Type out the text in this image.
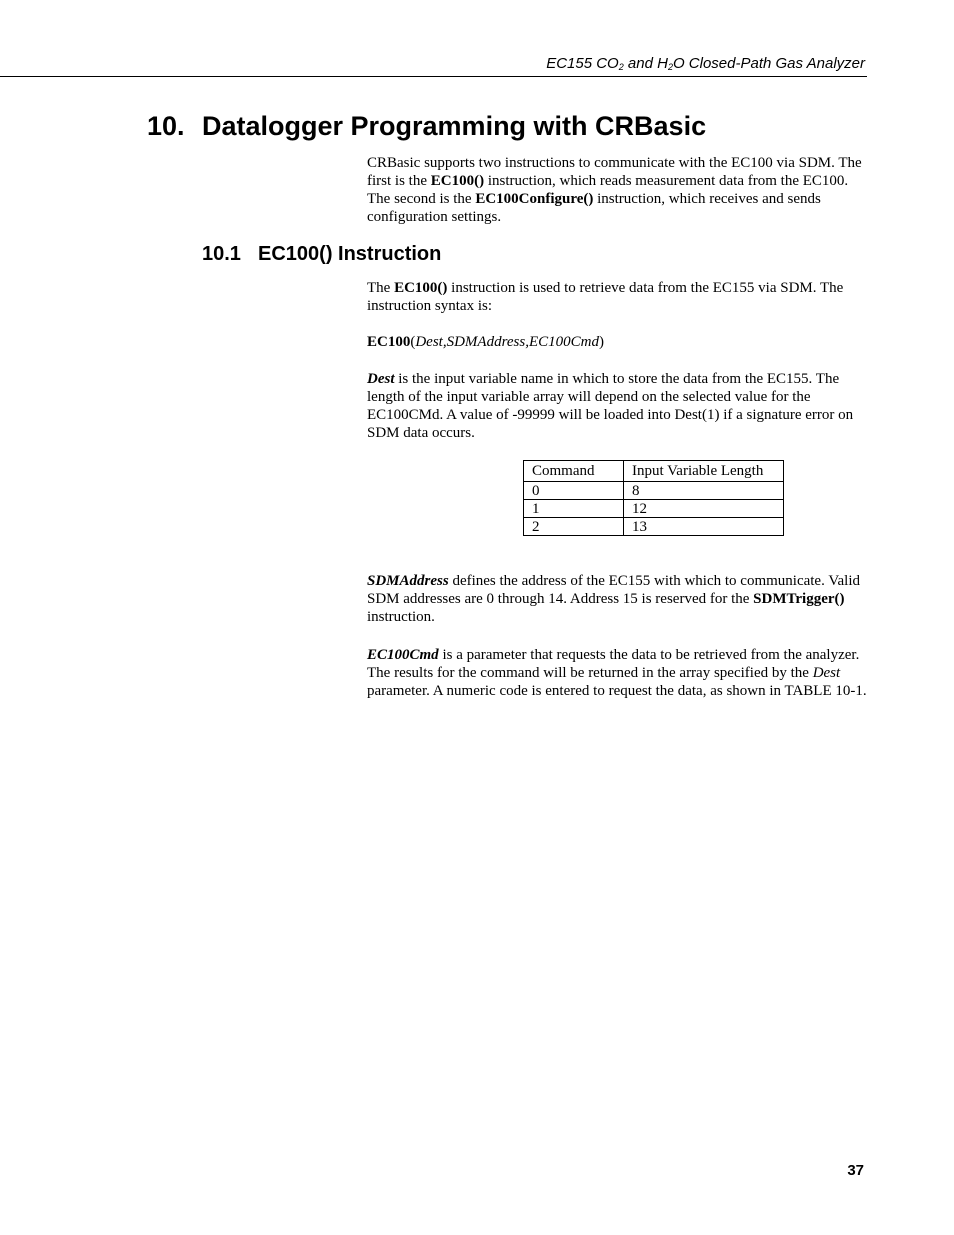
EC155 $CO_2$ and $H_2O$ Closed-Path Gas Analyzer
10. Datalogger Programming with CRBasic

CRBasic supports two instructions to communicate with the EC100 via SDM. The first is the EC100() instruction, which reads measurement data from the EC100. The second is the EC100Configure() instruction, which receives and sends configuration settings.

10.1 EC100() Instruction

The EC100() instruction is used to retrieve data from the EC155 via SDM. The instruction syntax is:

EC100(Dest,SDMAddress,EC100Cmd)

Dest is the input variable name in which to store the data from the EC155. The length of the input variable array will depend on the selected value for the EC100CMd. A value of -99999 will be loaded into Dest(1) if a signature error on SDM data occurs.

Command	Input Variable Length
0	8
1	12
2	13

SDMAddress defines the address of the EC155 with which to communicate. Valid SDM addresses are 0 through 14. Address 15 is reserved for the SDMTrigger() instruction.

EC100Cmd is a parameter that requests the data to be retrieved from the analyzer. The results for the command will be returned in the array specified by the Dest parameter. A numeric code is entered to request the data, as shown in TABLE 10-1.

37
